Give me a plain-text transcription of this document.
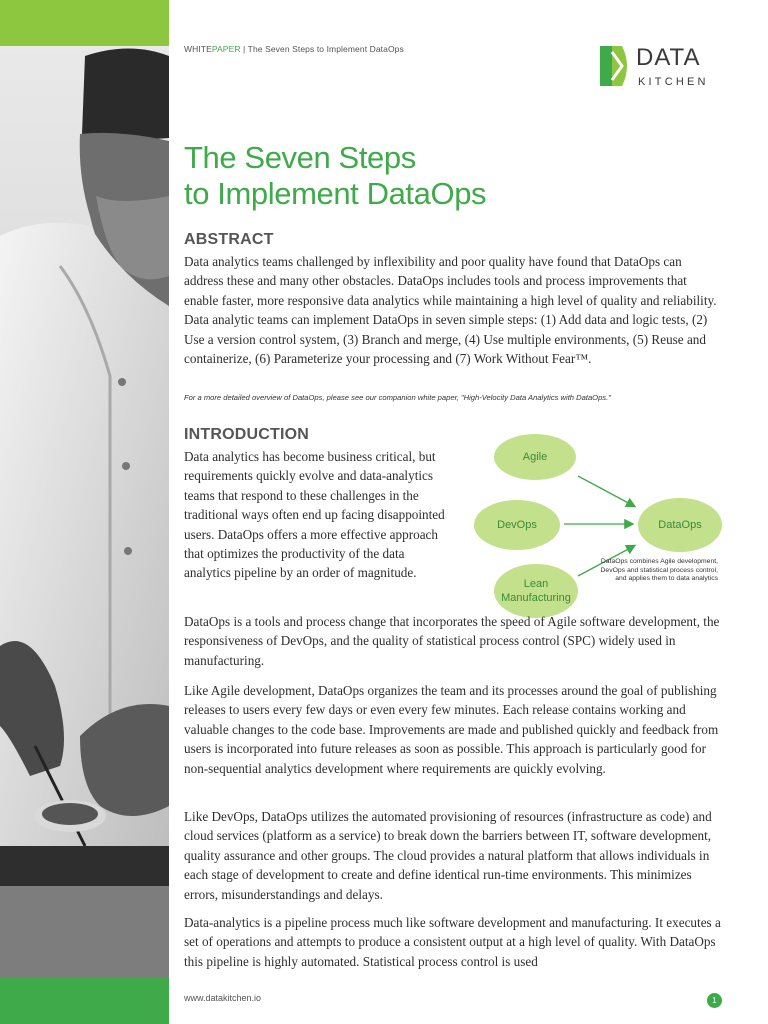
WHITEPAPER | The Seven Steps to Implement DataOps	DATA
KITCHEN
The Seven Steps
to Implement DataOps
ABSTRACT
Data analytics teams challenged by inflexibility and poor quality have found that DataOps can address these and many other obstacles. DataOps includes tools and process improvements that enable faster, more responsive data analytics while maintaining a high level of quality and reliability. Data analytic teams can implement DataOps in seven simple steps: (1) Add data and logic tests, (2) Use a version control system, (3) Branch and merge, (4) Use multiple environments, (5) Reuse and containerize, (6) Parameterize your processing and (7) Work Without Fear™.
For a more detailed overview of DataOps, please see our companion white paper, "High-Velocity Data Analytics with DataOps."
INTRODUCTION
Data analytics has become business critical, but requirements quickly evolve and data-analytics teams that respond to these challenges in the traditional ways often end up facing disappointed users. DataOps offers a more effective approach that optimizes the productivity of the data analytics pipeline by an order of magnitude.
Agile
DevOps
Lean
Manufacturing
DataOps
DataOps combines Agile development, DevOps and statistical process control, and applies them to data analytics
DataOps is a tools and process change that incorporates the speed of Agile software development, the responsiveness of DevOps, and the quality of statistical process control (SPC) widely used in manufacturing.
Like Agile development, DataOps organizes the team and its processes around the goal of publishing releases to users every few days or even every few minutes. Each release contains working and valuable changes to the code base. Improvements are made and published quickly and feedback from users is incorporated into future releases as soon as possible. This approach is particularly good for non-sequential analytics development where requirements are quickly evolving.
Like DevOps, DataOps utilizes the automated provisioning of resources (infrastructure as code) and cloud services (platform as a service) to break down the barriers between IT, software development, quality assurance and other groups. The cloud provides a natural platform that allows individuals in each stage of development to create and define identical run-time environments. This minimizes errors, misunderstandings and delays.
Data-analytics is a pipeline process much like software development and manufacturing. It executes a set of operations and attempts to produce a consistent output at a high level of quality. With DataOps this pipeline is highly automated. Statistical process control is used
www.datakitchen.io	1
